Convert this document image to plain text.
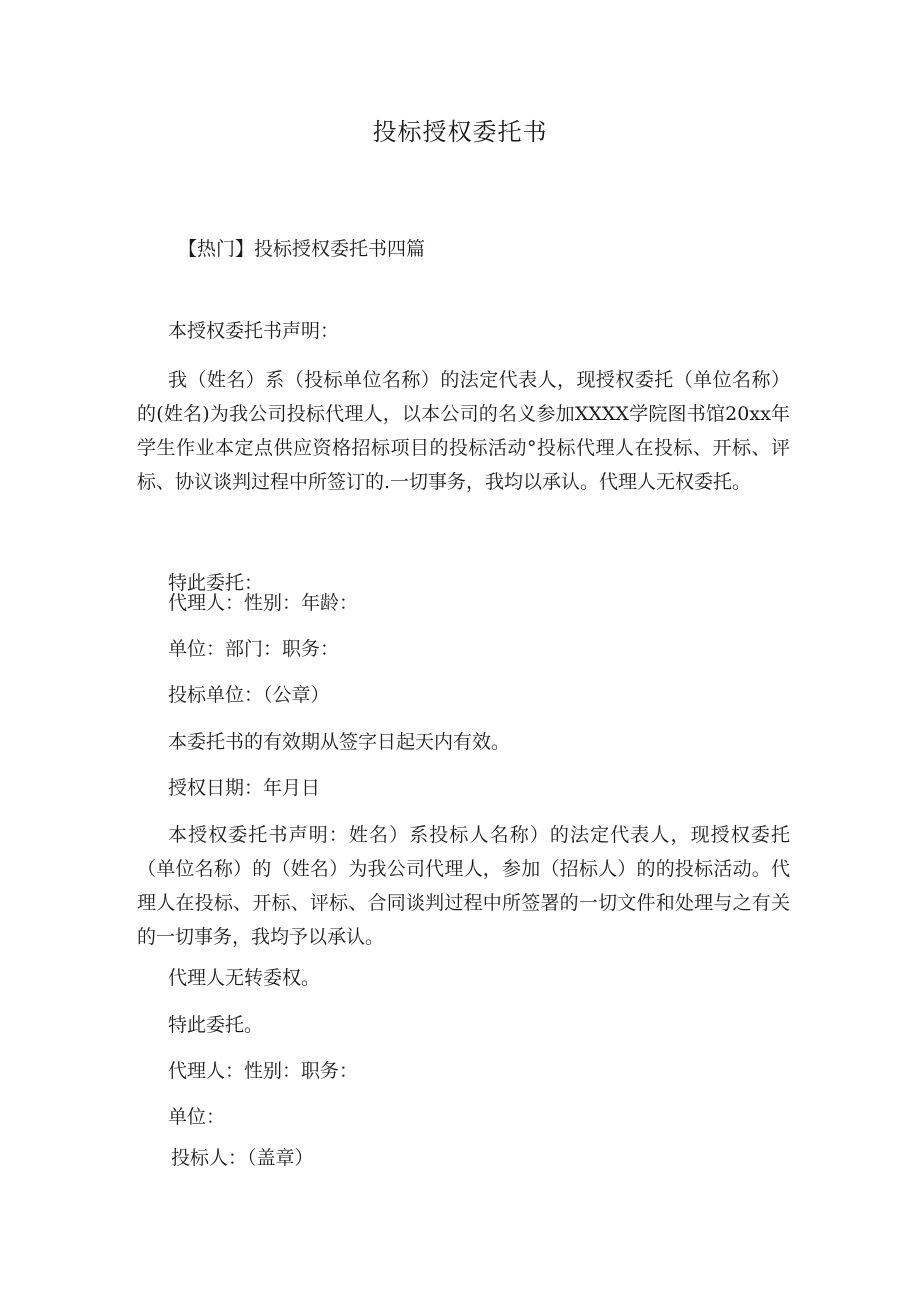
投标授权委托书
【热门】投标授权委托书四篇
本授权委托书声明：

我（姓名）系（投标单位名称）的法定代表人，现授权委托（单位名称）的(姓名)为我公司投标代理人，以本公司的名义参加XXXX学院图书馆20xx年学生作业本定点供应资格招标项目的投标活动°投标代理人在投标、开标、评标、协议谈判过程中所签订的.一切事务，我均以承认。代理人无权委托。

特此委托：
代理人：性别：年龄：
单位：部门：职务：
投标单位：（公章）
本委托书的有效期从签字日起天内有效。
授权日期：年月日

本授权委托书声明：姓名）系投标人名称）的法定代表人，现授权委托（单位名称）的（姓名）为我公司代理人，参加（招标人）的的投标活动。代理人在投标、开标、评标、合同谈判过程中所签署的一切文件和处理与之有关的一切事务，我均予以承认。

代理人无转委权。
特此委托。
代理人：性别：职务：
单位：
投标人：（盖章）
